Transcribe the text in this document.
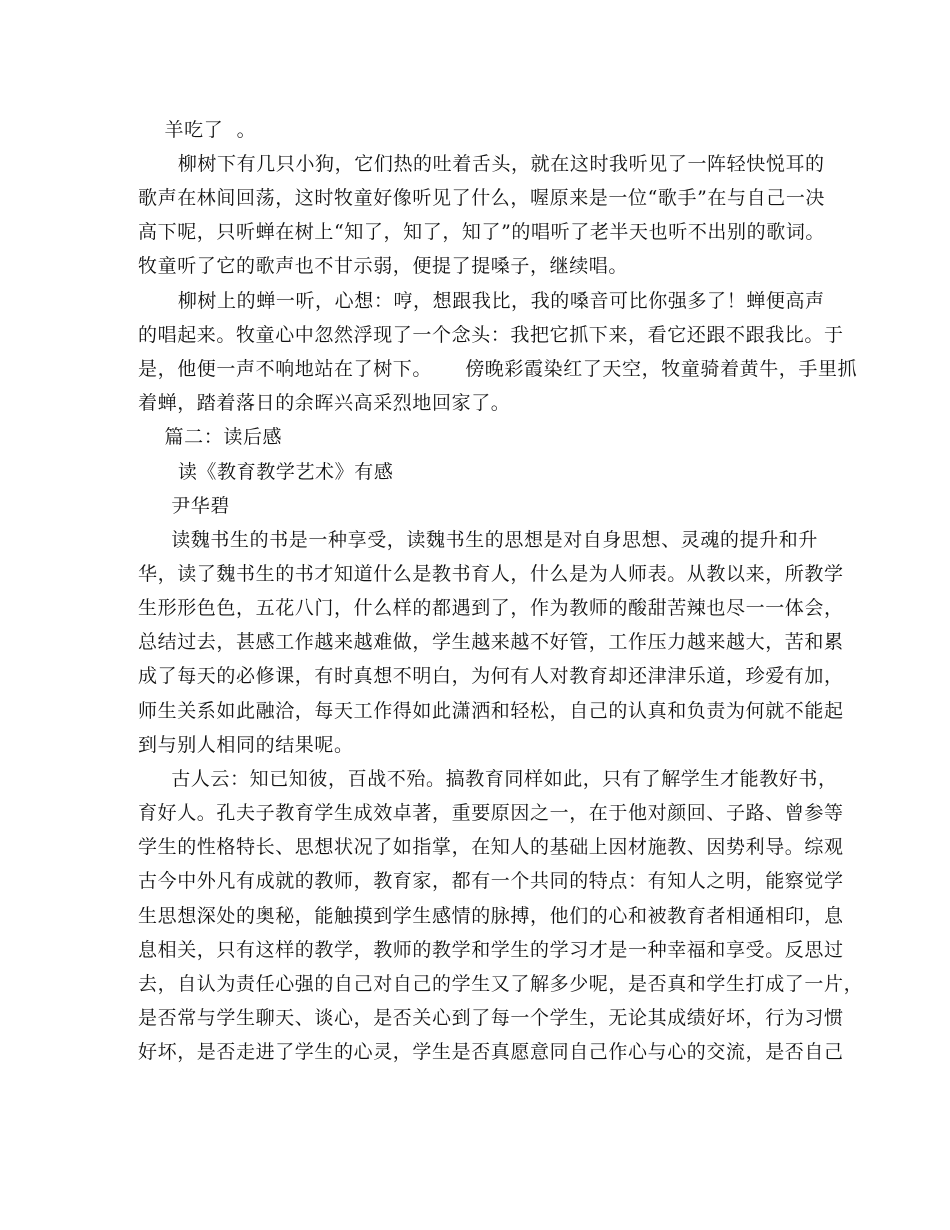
羊吃了  。
柳树下有几只小狗，它们热的吐着舌头，就在这时我听见了一阵轻快悦耳的
歌声在林间回荡，这时牧童好像听见了什么，喔原来是一位“歌手”在与自己一决
高下呢，只听蝉在树上“知了，知了，知了”的唱听了老半天也听不出别的歌词。
牧童听了它的歌声也不甘示弱，便提了提嗓子，继续唱。
柳树上的蝉一听，心想：哼，想跟我比，我的嗓音可比你强多了！蝉便高声
的唱起来。牧童心中忽然浮现了一个念头：我把它抓下来，看它还跟不跟我比。于
是，他便一声不响地站在了树下。     傍晚彩霞染红了天空，牧童骑着黄牛，手里抓
着蝉，踏着落日的余晖兴高采烈地回家了。
篇二：读后感
读《教育教学艺术》有感
尹华碧
读魏书生的书是一种享受，读魏书生的思想是对自身思想、灵魂的提升和升
华，读了魏书生的书才知道什么是教书育人，什么是为人师表。从教以来，所教学
生形形色色，五花八门，什么样的都遇到了，作为教师的酸甜苦辣也尽一一体会，
总结过去，甚感工作越来越难做，学生越来越不好管，工作压力越来越大，苦和累
成了每天的必修课，有时真想不明白，为何有人对教育却还津津乐道，珍爱有加，
师生关系如此融洽，每天工作得如此潇洒和轻松，自己的认真和负责为何就不能起
到与别人相同的结果呢。
古人云：知已知彼，百战不殆。搞教育同样如此，只有了解学生才能教好书，
育好人。孔夫子教育学生成效卓著，重要原因之一，在于他对颜回、子路、曾参等
学生的性格特长、思想状况了如指掌，在知人的基础上因材施教、因势利导。综观
古今中外凡有成就的教师，教育家，都有一个共同的特点：有知人之明，能察觉学
生思想深处的奥秘，能触摸到学生感情的脉搏，他们的心和被教育者相通相印，息
息相关，只有这样的教学，教师的教学和学生的学习才是一种幸福和享受。反思过
去，自认为责任心强的自己对自己的学生又了解多少呢，是否真和学生打成了一片，
是否常与学生聊天、谈心，是否关心到了每一个学生，无论其成绩好坏，行为习惯
好坏，是否走进了学生的心灵，学生是否真愿意同自己作心与心的交流，是否自己
